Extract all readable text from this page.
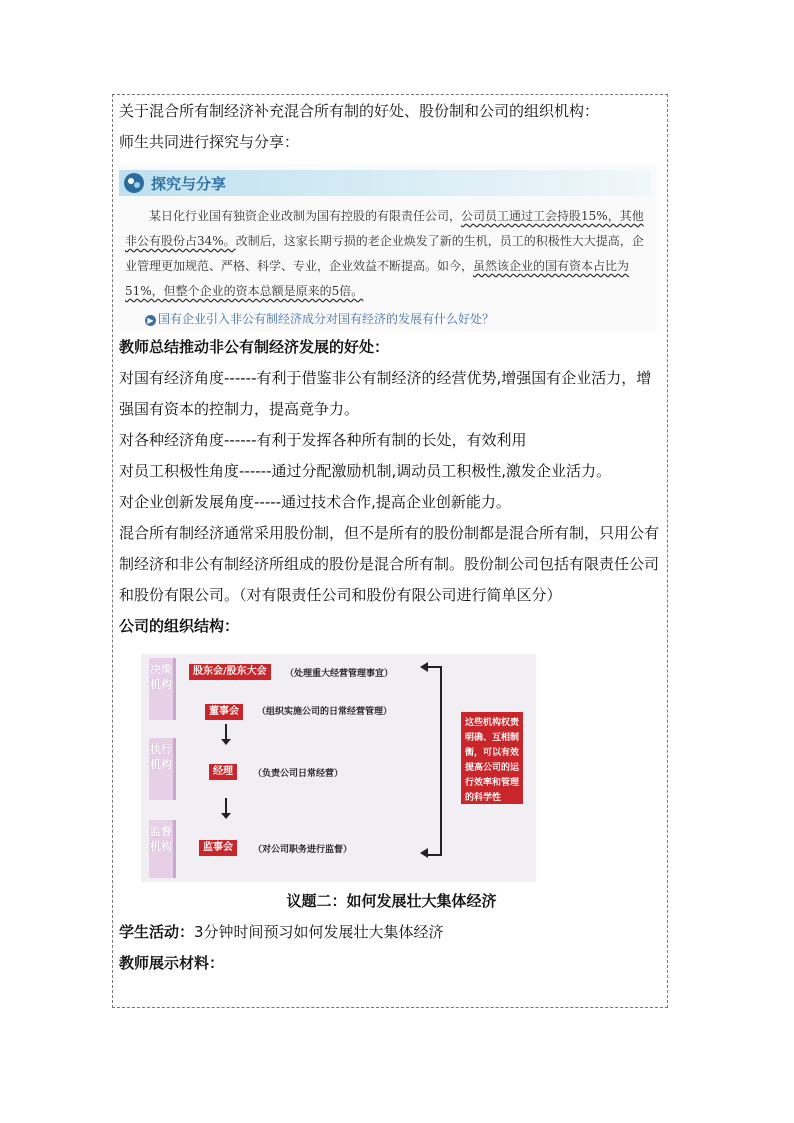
关于混合所有制经济补充混合所有制的好处、股份制和公司的组织机构：

师生共同进行探究与分享：

探究与分享
某日化行业国有独资企业改制为国有控股的有限责任公司，公司员工通过工会持股15%，其他非公有股份占34%。改制后，这家长期亏损的老企业焕发了新的生机，员工的积极性大大提高，企业管理更加规范、严格、科学、专业，企业效益不断提高。如今，虽然该企业的国有资本占比为51%，但整个企业的资本总额是原来的5倍。
▶ 国有企业引入非公有制经济成分对国有经济的发展有什么好处？

教师总结推动非公有制经济发展的好处：

对国有经济角度------有利于借鉴非公有制经济的经营优势,增强国有企业活力，增强国有资本的控制力，提高竟争力。

对各种经济角度------有利于发挥各种所有制的长处，有效利用

对员工积极性角度------通过分配激励机制,调动员工积极性,激发企业活力。

对企业创新发展角度-----通过技术合作,提高企业创新能力。

混合所有制经济通常采用股份制，但不是所有的股份制都是混合所有制，只用公有制经济和非公有制经济所组成的股份是混合所有制。股份制公司包括有限责任公司和股份有限公司。（对有限责任公司和股份有限公司进行简单区分）

公司的组织结构：

决策机构
执行机构
监督机构
股东会/股东大会	（处理重大经营管理事宜）
董事会	（组织实施公司的日常经营管理）
经理	（负责公司日常经营）
监事会	（对公司职务进行监督）
这些机构权责明确、互相制衡，可以有效提高公司的运行效率和管理的科学性

议题二：如何发展壮大集体经济

学生活动：3分钟时间预习如何发展壮大集体经济

教师展示材料：
